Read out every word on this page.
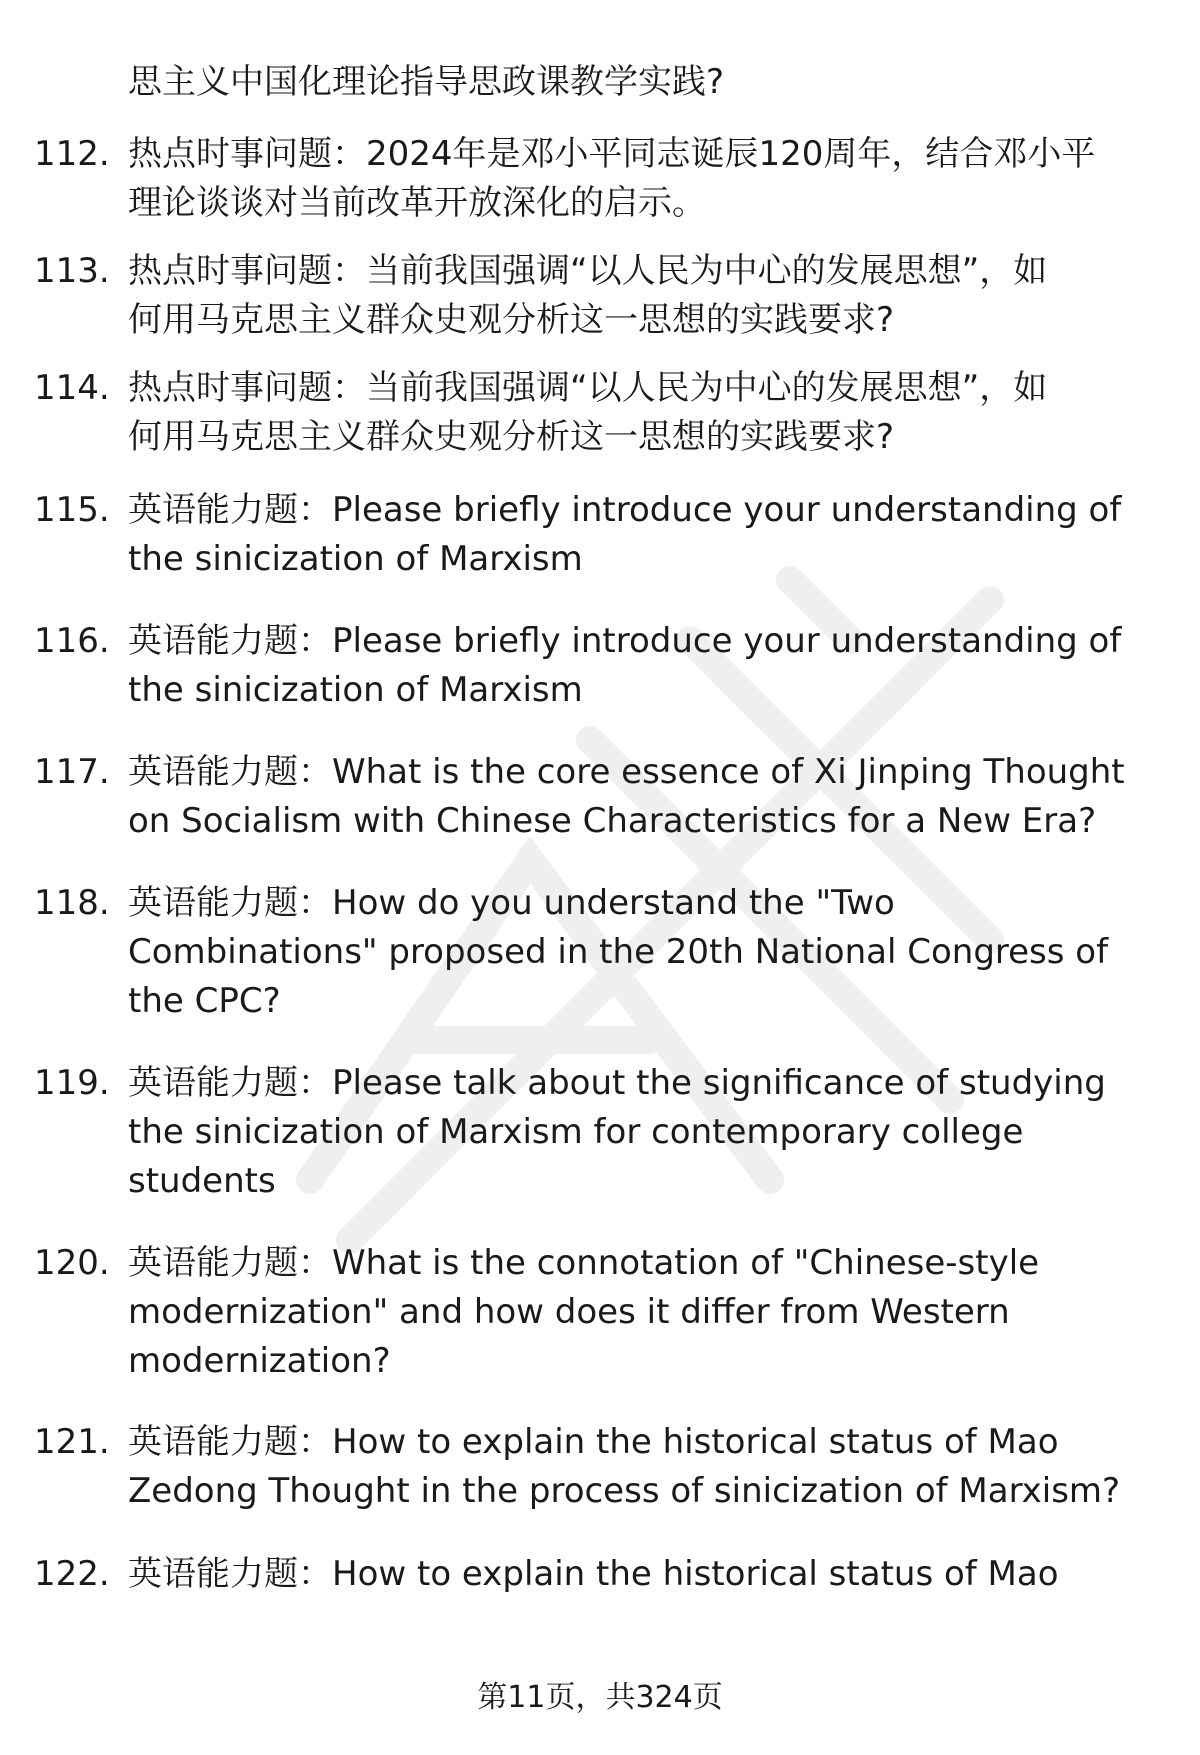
思主义中国化理论指导思政课教学实践?
112. 热点时事问题：2024年是邓小平同志诞辰120周年，结合邓小平
理论谈谈对当前改革开放深化的启示。
113. 热点时事问题：当前我国强调“以人民为中心的发展思想”，如
何用马克思主义群众史观分析这一思想的实践要求?
114. 热点时事问题：当前我国强调“以人民为中心的发展思想”，如
何用马克思主义群众史观分析这一思想的实践要求?
115. 英语能力题：Please briefly introduce your understanding of
the sinicization of Marxism
116. 英语能力题：Please briefly introduce your understanding of
the sinicization of Marxism
117. 英语能力题：What is the core essence of Xi Jinping Thought
on Socialism with Chinese Characteristics for a New Era?
118. 英语能力题：How do you understand the "Two
Combinations" proposed in the 20th National Congress of
the CPC?
119. 英语能力题：Please talk about the significance of studying
the sinicization of Marxism for contemporary college
students
120. 英语能力题：What is the connotation of "Chinese-style
modernization" and how does it differ from Western
modernization?
121. 英语能力题：How to explain the historical status of Mao
Zedong Thought in the process of sinicization of Marxism?
122. 英语能力题：How to explain the historical status of Mao
第11页，共324页
